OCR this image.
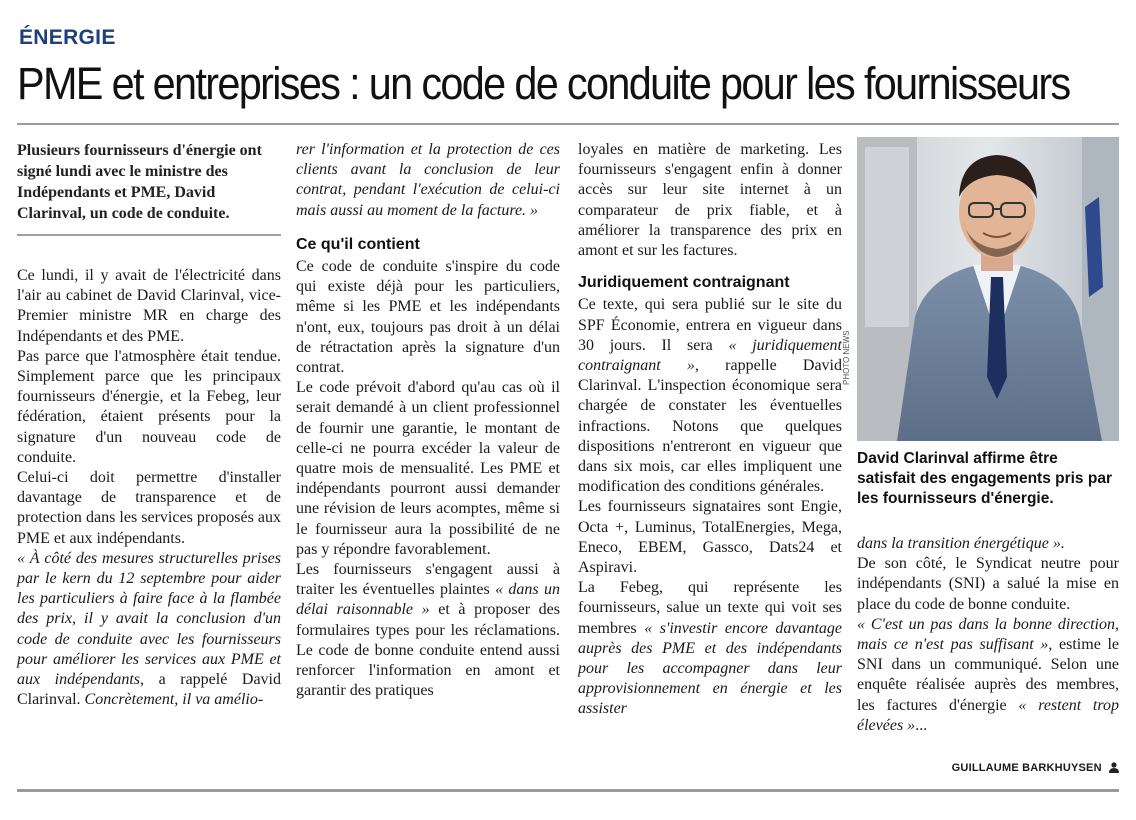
ÉNERGIE
PME et entreprises : un code de conduite pour les fournisseurs

Plusieurs fournisseurs d'énergie ont signé lundi avec le ministre des Indépendants et PME, David Clarinval, un code de conduite.

Ce lundi, il y avait de l'électricité dans l'air au cabinet de David Clarinval, vice-Premier ministre MR en charge des Indépendants et des PME.

Pas parce que l'atmosphère était tendue. Simplement parce que les principaux fournisseurs d'énergie, et la Febeg, leur fédération, étaient présents pour la signature d'un nouveau code de conduite.

Celui-ci doit permettre d'installer davantage de transparence et de protection dans les services proposés aux PME et aux indépendants.

« À côté des mesures structurelles prises par le kern du 12 septembre pour aider les particuliers à faire face à la flambée des prix, il y avait la conclusion d'un code de conduite avec les fournisseurs pour améliorer les services aux PME et aux indépendants, a rappelé David Clarinval. Concrètement, il va amélio-

rer l'information et la protection de ces clients avant la conclusion de leur contrat, pendant l'exécution de celui-ci mais aussi au moment de la facture. »

Ce qu'il contient

Ce code de conduite s'inspire du code qui existe déjà pour les particuliers, même si les PME et les indépendants n'ont, eux, toujours pas droit à un délai de rétractation après la signature d'un contrat.

Le code prévoit d'abord qu'au cas où il serait demandé à un client professionnel de fournir une garantie, le montant de celle-ci ne pourra excéder la valeur de quatre mois de mensualité. Les PME et indépendants pourront aussi demander une révision de leurs acomptes, même si le fournisseur aura la possibilité de ne pas y répondre favorablement.

Les fournisseurs s'engagent aussi à traiter les éventuelles plaintes « dans un délai raisonnable » et à proposer des formulaires types pour les réclamations. Le code de bonne conduite entend aussi renforcer l'information en amont et garantir des pratiques

loyales en matière de marketing. Les fournisseurs s'engagent enfin à donner accès sur leur site internet à un comparateur de prix fiable, et à améliorer la transparence des prix en amont et sur les factures.

Juridiquement contraignant

Ce texte, qui sera publié sur le site du SPF Économie, entrera en vigueur dans 30 jours. Il sera « juridiquement contraignant », rappelle David Clarinval. L'inspection économique sera chargée de constater les éventuelles infractions. Notons que quelques dispositions n'entreront en vigueur que dans six mois, car elles impliquent une modification des conditions générales.

Les fournisseurs signataires sont Engie, Octa +, Luminus, TotalEnergies, Mega, Eneco, EBEM, Gassco, Dats24 et Aspiravi.

La Febeg, qui représente les fournisseurs, salue un texte qui voit ses membres « s'investir encore davantage auprès des PME et des indépendants pour les accompagner dans leur approvisionnement en énergie et les assister

PHOTO NEWS
David Clarinval affirme être satisfait des engagements pris par les fournisseurs d'énergie.

dans la transition énergétique ».

De son côté, le Syndicat neutre pour indépendants (SNI) a salué la mise en place du code de bonne conduite.

« C'est un pas dans la bonne direction, mais ce n'est pas suffisant », estime le SNI dans un communiqué. Selon une enquête réalisée auprès des membres, les factures d'énergie « restent trop élevées »...

GUILLAUME BARKHUYSEN
